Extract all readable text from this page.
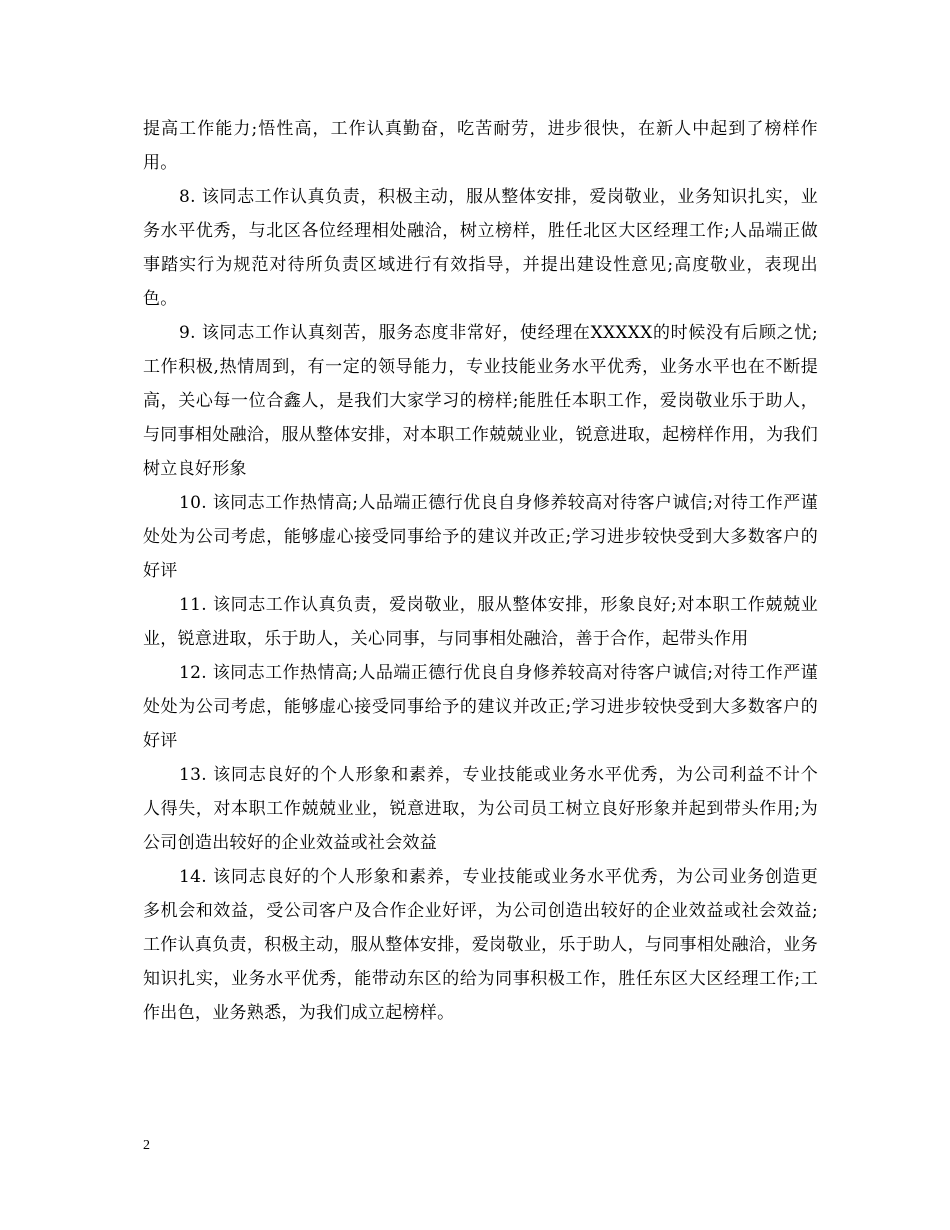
提高工作能力;悟性高，工作认真勤奋，吃苦耐劳，进步很快，在新人中起到了榜样作用。

8. 该同志工作认真负责，积极主动，服从整体安排，爱岗敬业，业务知识扎实，业务水平优秀，与北区各位经理相处融洽，树立榜样，胜任北区大区经理工作;人品端正做事踏实行为规范对待所负责区域进行有效指导，并提出建设性意见;高度敬业，表现出色。

9. 该同志工作认真刻苦，服务态度非常好，使经理在XXXXX的时候没有后顾之忧;工作积极,热情周到，有一定的领导能力，专业技能业务水平优秀，业务水平也在不断提高，关心每一位合鑫人，是我们大家学习的榜样;能胜任本职工作，爱岗敬业乐于助人，与同事相处融洽，服从整体安排，对本职工作兢兢业业，锐意进取，起榜样作用，为我们树立良好形象

10. 该同志工作热情高;人品端正德行优良自身修养较高对待客户诚信;对待工作严谨处处为公司考虑，能够虚心接受同事给予的建议并改正;学习进步较快受到大多数客户的好评

11. 该同志工作认真负责，爱岗敬业，服从整体安排，形象良好;对本职工作兢兢业业，锐意进取，乐于助人，关心同事，与同事相处融洽，善于合作，起带头作用

12. 该同志工作热情高;人品端正德行优良自身修养较高对待客户诚信;对待工作严谨处处为公司考虑，能够虚心接受同事给予的建议并改正;学习进步较快受到大多数客户的好评

13. 该同志良好的个人形象和素养，专业技能或业务水平优秀，为公司利益不计个人得失，对本职工作兢兢业业，锐意进取，为公司员工树立良好形象并起到带头作用;为公司创造出较好的企业效益或社会效益

14. 该同志良好的个人形象和素养，专业技能或业务水平优秀，为公司业务创造更多机会和效益，受公司客户及合作企业好评，为公司创造出较好的企业效益或社会效益;工作认真负责，积极主动，服从整体安排，爱岗敬业，乐于助人，与同事相处融洽，业务知识扎实，业务水平优秀，能带动东区的给为同事积极工作，胜任东区大区经理工作;工作出色，业务熟悉，为我们成立起榜样。

2
